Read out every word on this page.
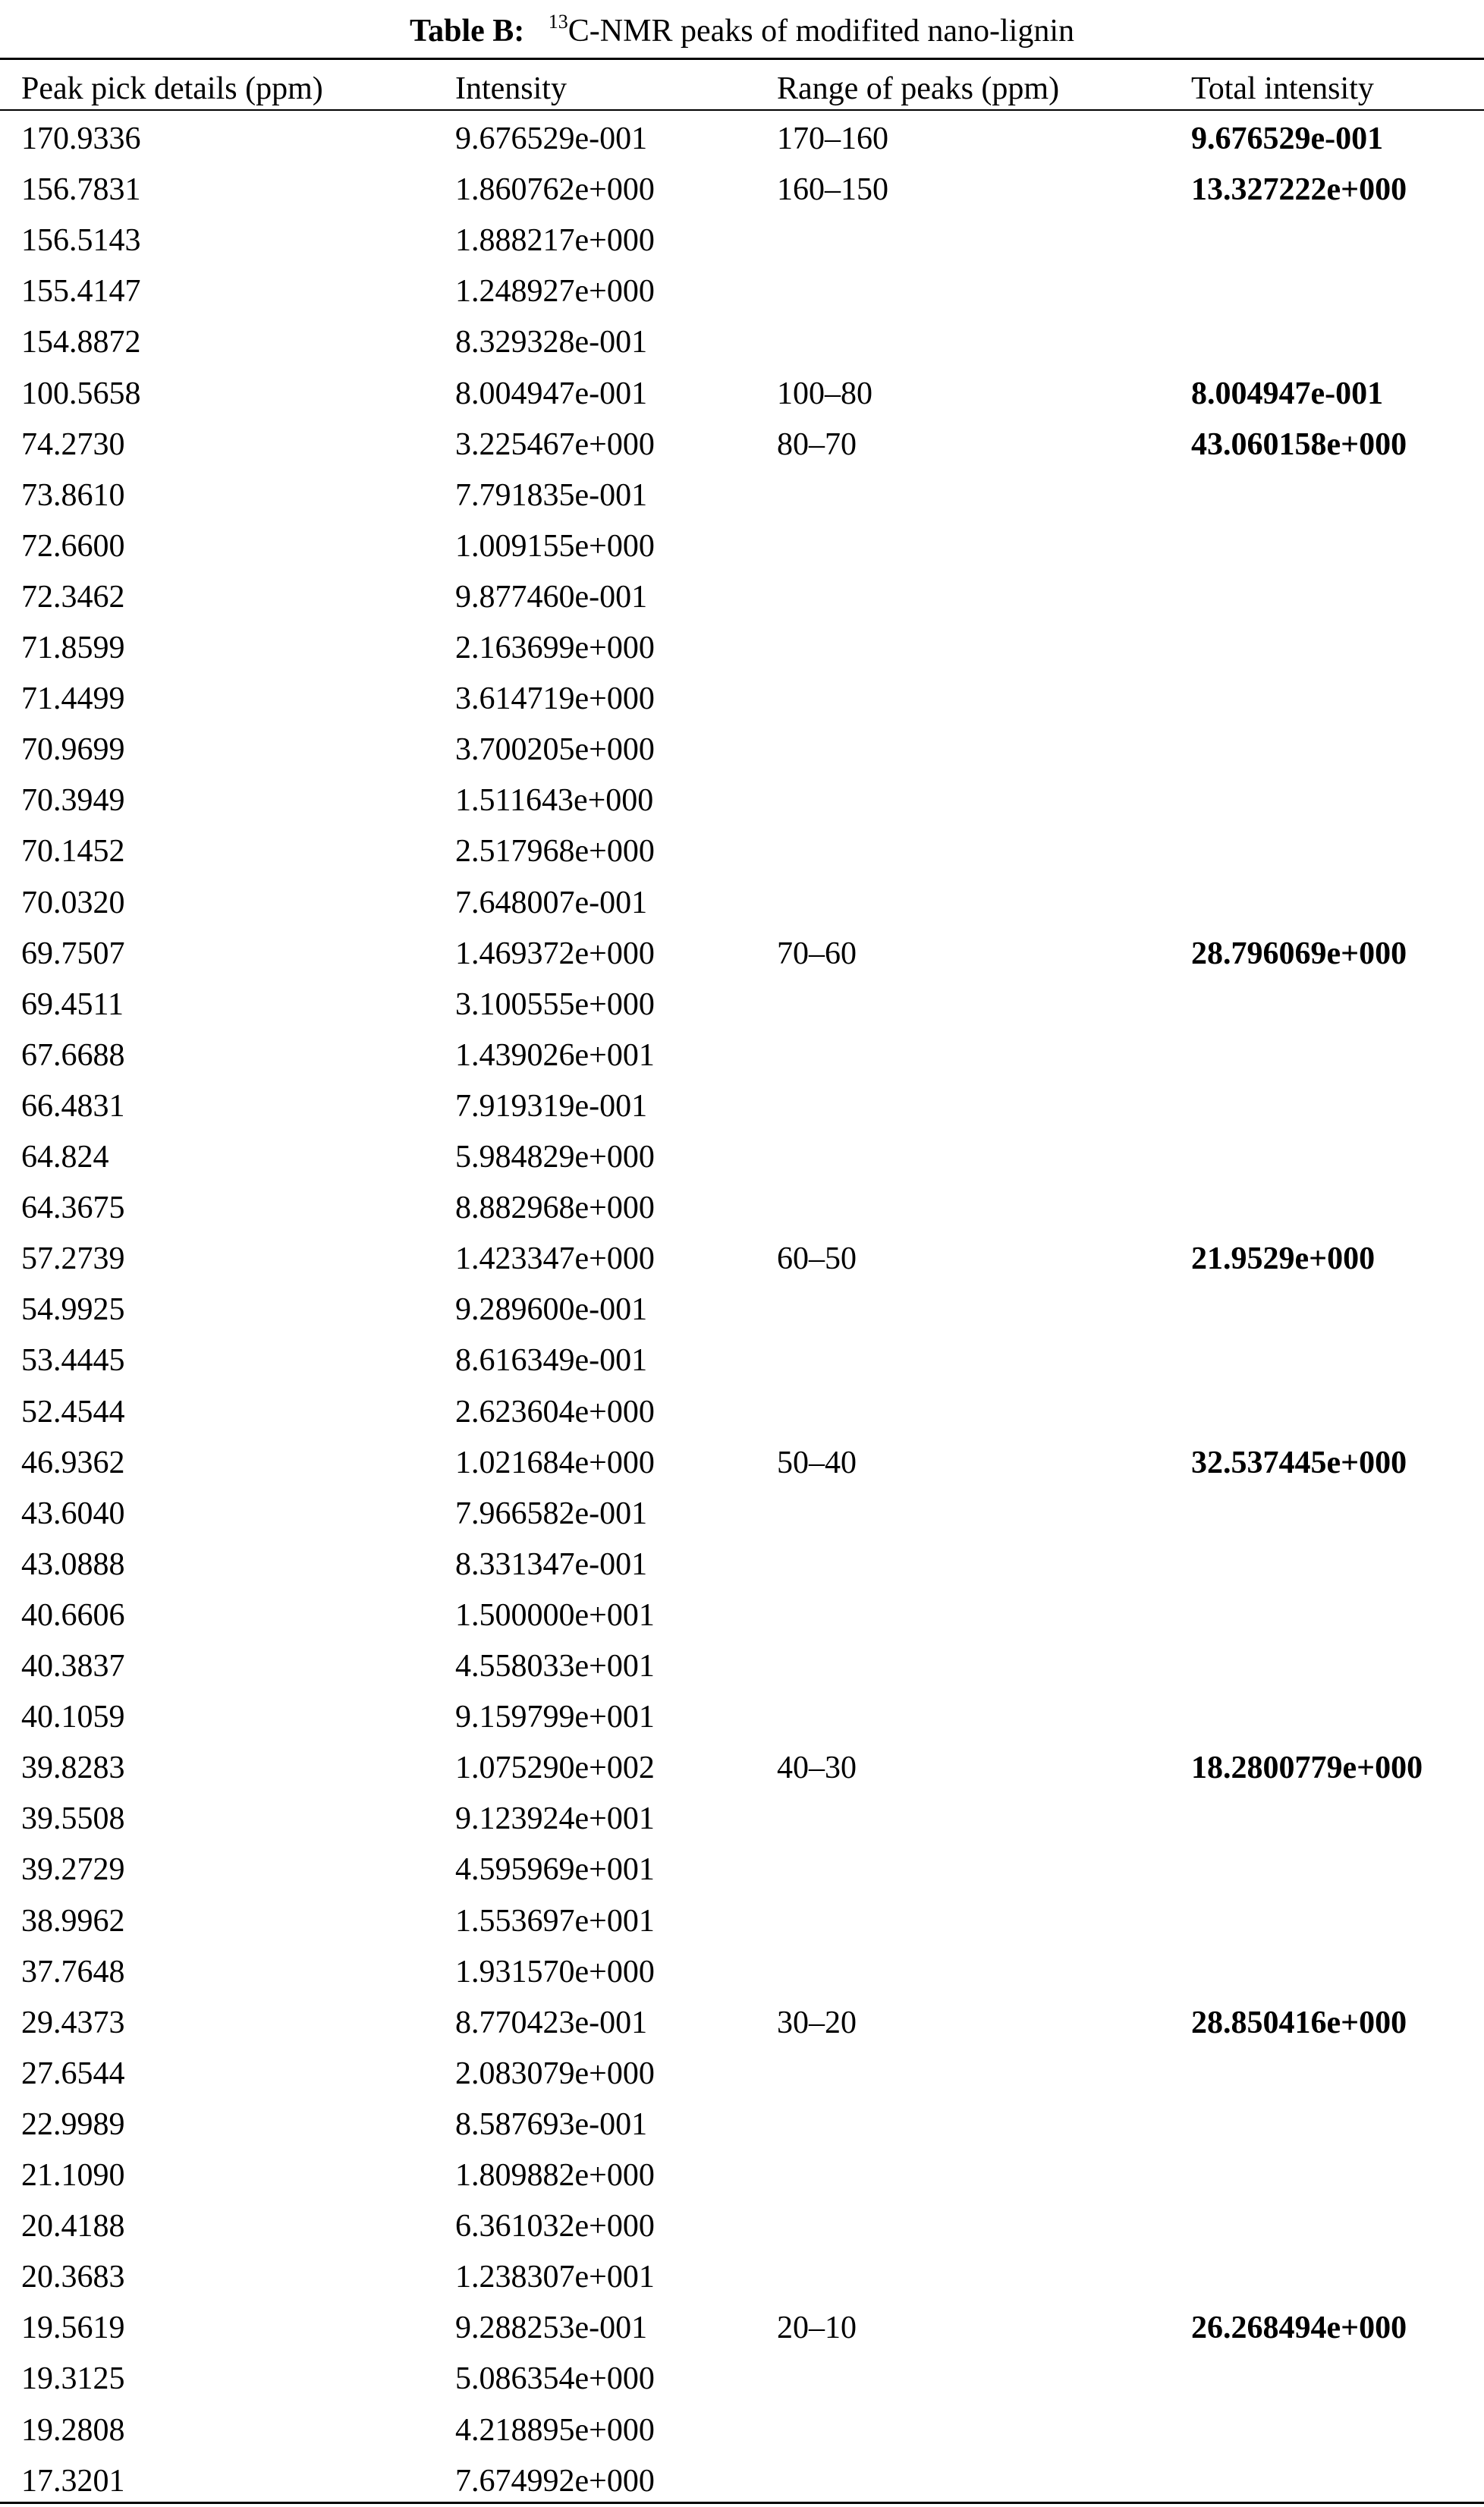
Table B: $^{13}$C-NMR peaks of modifited nano-lignin
Peak pick details (ppm)	Intensity	Range of peaks (ppm)	Total intensity
170.9336	9.676529e-001	170–160	9.676529e-001
156.7831	1.860762e+000	160–150	13.327222e+000
156.5143	1.888217e+000
155.4147	1.248927e+000
154.8872	8.329328e-001
100.5658	8.004947e-001	100–80	8.004947e-001
74.2730	3.225467e+000	80–70	43.060158e+000
73.8610	7.791835e-001
72.6600	1.009155e+000
72.3462	9.877460e-001
71.8599	2.163699e+000
71.4499	3.614719e+000
70.9699	3.700205e+000
70.3949	1.511643e+000
70.1452	2.517968e+000
70.0320	7.648007e-001
69.7507	1.469372e+000	70–60	28.796069e+000
69.4511	3.100555e+000
67.6688	1.439026e+001
66.4831	7.919319e-001
64.824	5.984829e+000
64.3675	8.882968e+000
57.2739	1.423347e+000	60–50	21.9529e+000
54.9925	9.289600e-001
53.4445	8.616349e-001
52.4544	2.623604e+000
46.9362	1.021684e+000	50–40	32.537445e+000
43.6040	7.966582e-001
43.0888	8.331347e-001
40.6606	1.500000e+001
40.3837	4.558033e+001
40.1059	9.159799e+001
39.8283	1.075290e+002	40–30	18.2800779e+000
39.5508	9.123924e+001
39.2729	4.595969e+001
38.9962	1.553697e+001
37.7648	1.931570e+000
29.4373	8.770423e-001	30–20	28.850416e+000
27.6544	2.083079e+000
22.9989	8.587693e-001
21.1090	1.809882e+000
20.4188	6.361032e+000
20.3683	1.238307e+001
19.5619	9.288253e-001	20–10	26.268494e+000
19.3125	5.086354e+000
19.2808	4.218895e+000
17.3201	7.674992e+000
